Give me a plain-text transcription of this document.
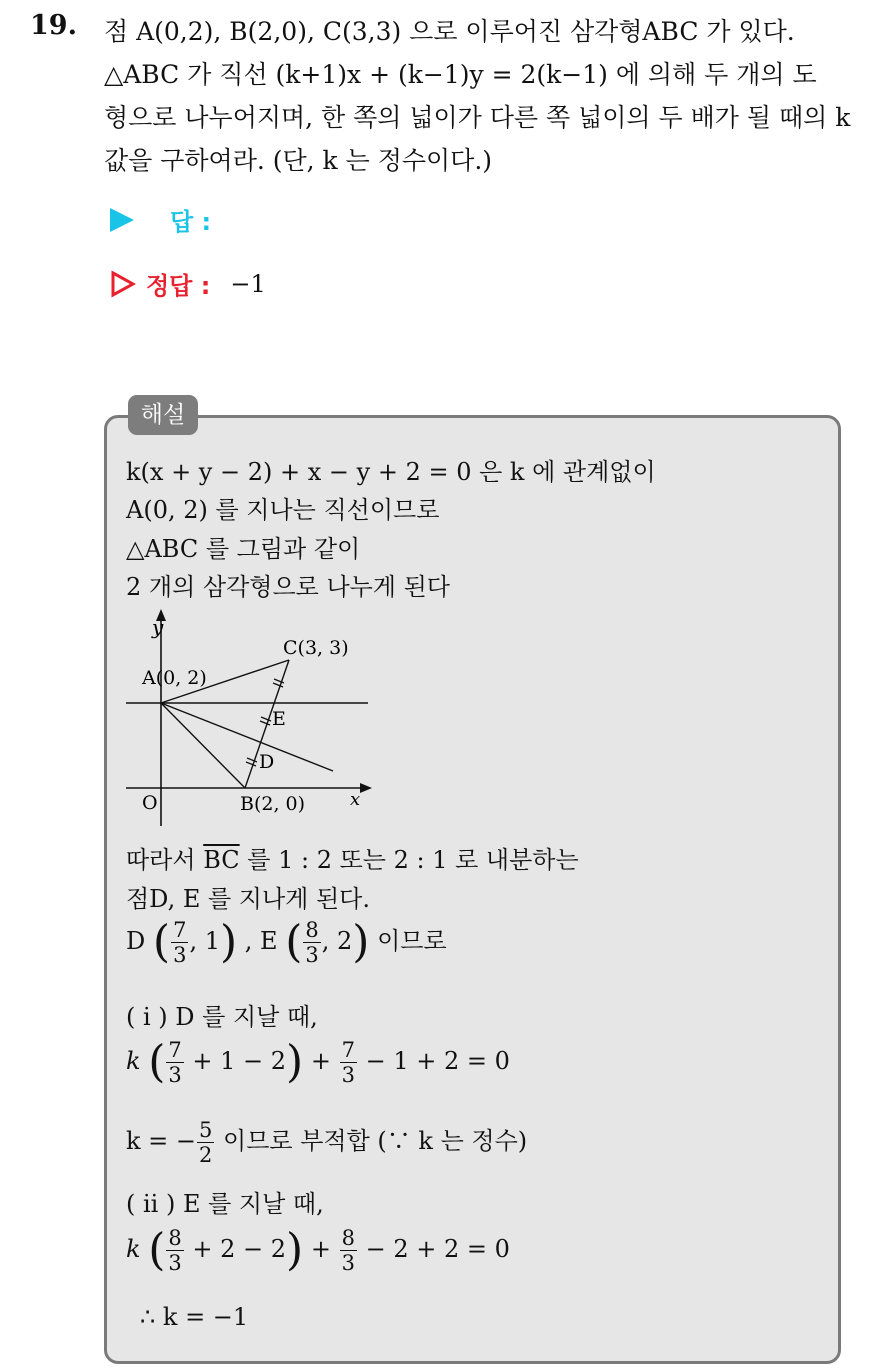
19. 점 A(0,2), B(2,0), C(3,3) 으로 이루어진 삼각형ABC 가 있다.
△ABC 가 직선 (k+1)x + (k−1)y = 2(k−1) 에 의해 두 개의 도
형으로 나누어지며, 한 쪽의 넓이가 다른 쪽 넓이의 두 배가 될 때의 k
값을 구하여라. (단, k 는 정수이다.)
답 :
정답 : −1
해설
k(x + y − 2) + x − y + 2 = 0 은 k 에 관계없이
A(0, 2) 를 지나는 직선이므로
△ABC 를 그림과 같이
2 개의 삼각형으로 나누게 된다
y
x
O
A(0, 2)
B(2, 0)
C(3, 3)
D
E
따라서 $\overline{BC}$ 를 1 : 2 또는 2 : 1 로 내분하는
점D, E 를 지나게 된다.
D ( $\frac{7}{3}$ , 1) , E ( $\frac{8}{3}$ , 2) 이므로
( i ) D 를 지날 때,
k ( $\frac{7}{3} + 1 - 2) + \frac{7}{3} - 1 + 2 = 0$
k = − $\frac{5}{2}$ 이므로 부적합 (∵ k 는 정수)
( ii ) E 를 지날 때,
k ( $\frac{8}{3} + 2 - 2) + \frac{8}{3} - 2 + 2 = 0$
∴ k = −1
